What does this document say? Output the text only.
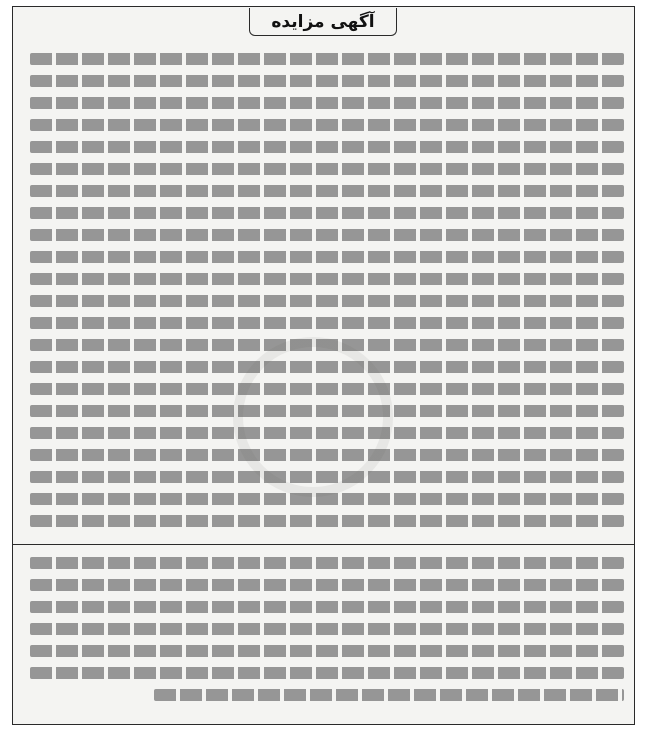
آگهی مزایده
